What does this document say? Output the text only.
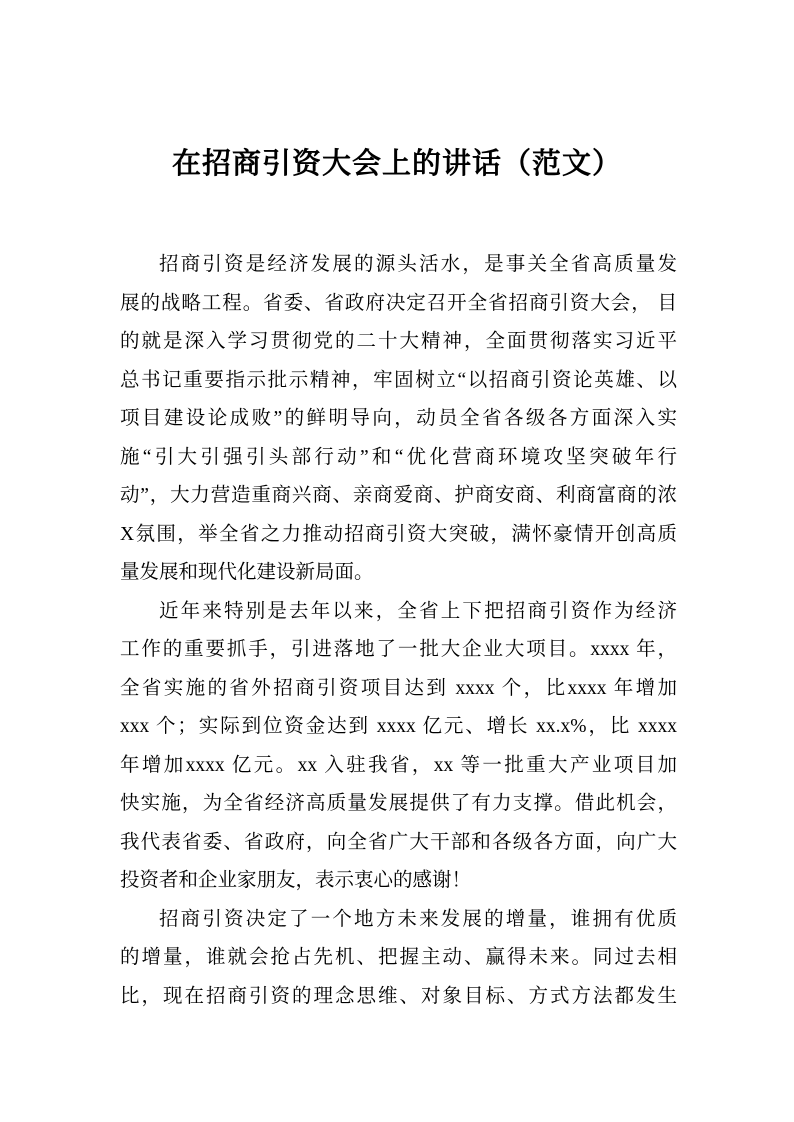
在招商引资大会上的讲话（范文）
招商引资是经济发展的源头活水，是事关全省高质量发
展的战略工程。省委、省政府决定召开全省招商引资大会， 目
的就是深入学习贯彻党的二十大精神，全面贯彻落实习近平
总书记重要指示批示精神，牢固树立“以招商引资论英雄、以
项目建设论成败”的鲜明导向，动员全省各级各方面深入实
施“引大引强引头部行动”和“优化营商环境攻坚突破年行
动”，大力营造重商兴商、亲商爱商、护商安商、利商富商的浓
X氛围，举全省之力推动招商引资大突破，满怀豪情开创高质
量发展和现代化建设新局面。
近年来特别是去年以来，全省上下把招商引资作为经济
工作的重要抓手，引进落地了一批大企业大项目。xxxx 年，
全省实施的省外招商引资项目达到 xxxx 个，比xxxx 年增加
xxx 个；实际到位资金达到 xxxx 亿元、增长 xx.x%，比 xxxx
年增加xxxx 亿元。xx 入驻我省，xx 等一批重大产业项目加
快实施，为全省经济高质量发展提供了有力支撑。借此机会，
我代表省委、省政府，向全省广大干部和各级各方面，向广大
投资者和企业家朋友，表示衷心的感谢！
招商引资决定了一个地方未来发展的增量，谁拥有优质
的增量，谁就会抢占先机、把握主动、赢得未来。同过去相
比，现在招商引资的理念思维、对象目标、方式方法都发生
